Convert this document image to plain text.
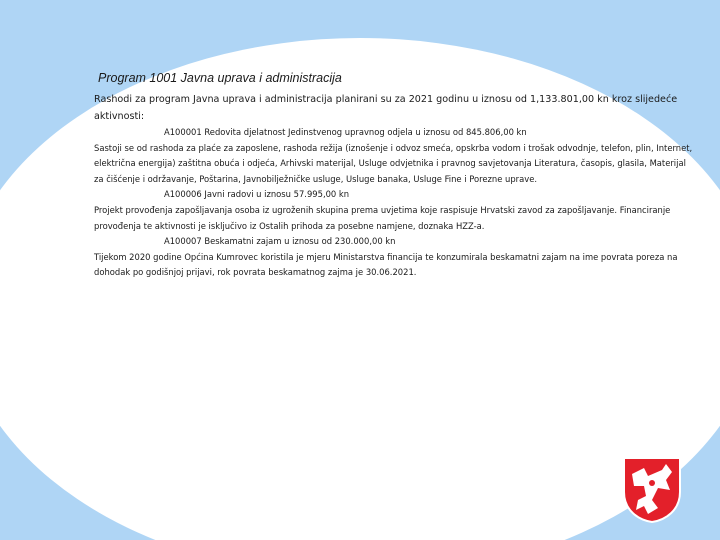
Program 1001 Javna uprava i administracija

Rashodi za program Javna uprava i administracija planirani su za 2021 godinu u iznosu od 1,133.801,00 kn kroz slijedeće aktivnosti:

A100001 Redovita djelatnost Jedinstvenog upravnog odjela u iznosu od 845.806,00 kn

Sastoji se od rashoda za plaće za zaposlene, rashoda režija (iznošenje i odvoz smeća, opskrba vodom i trošak odvodnje, telefon, plin, Internet, električna energija) zaštitna obuća i odjeća, Arhivski materijal, Usluge odvjetnika i pravnog savjetovanja Literatura, časopis, glasila, Materijal za čišćenje i održavanje, Poštarina, Javnobilježničke usluge, Usluge banaka, Usluge Fine i Porezne uprave.

A100006 Javni radovi u iznosu 57.995,00 kn

Projekt provođenja zapošljavanja osoba iz ugroženih skupina prema uvjetima koje raspisuje Hrvatski zavod za zapošljavanje. Financiranje provođenja te aktivnosti je isključivo iz Ostalih prihoda za posebne namjene, doznaka HZZ-a.

A100007 Beskamatni zajam u iznosu od 230.000,00 kn

Tijekom 2020 godine Općina Kumrovec koristila je mjeru Ministarstva financija te konzumirala beskamatni zajam na ime povrata poreza na dohodak po godišnjoj prijavi, rok povrata beskamatnog zajma je 30.06.2021.
